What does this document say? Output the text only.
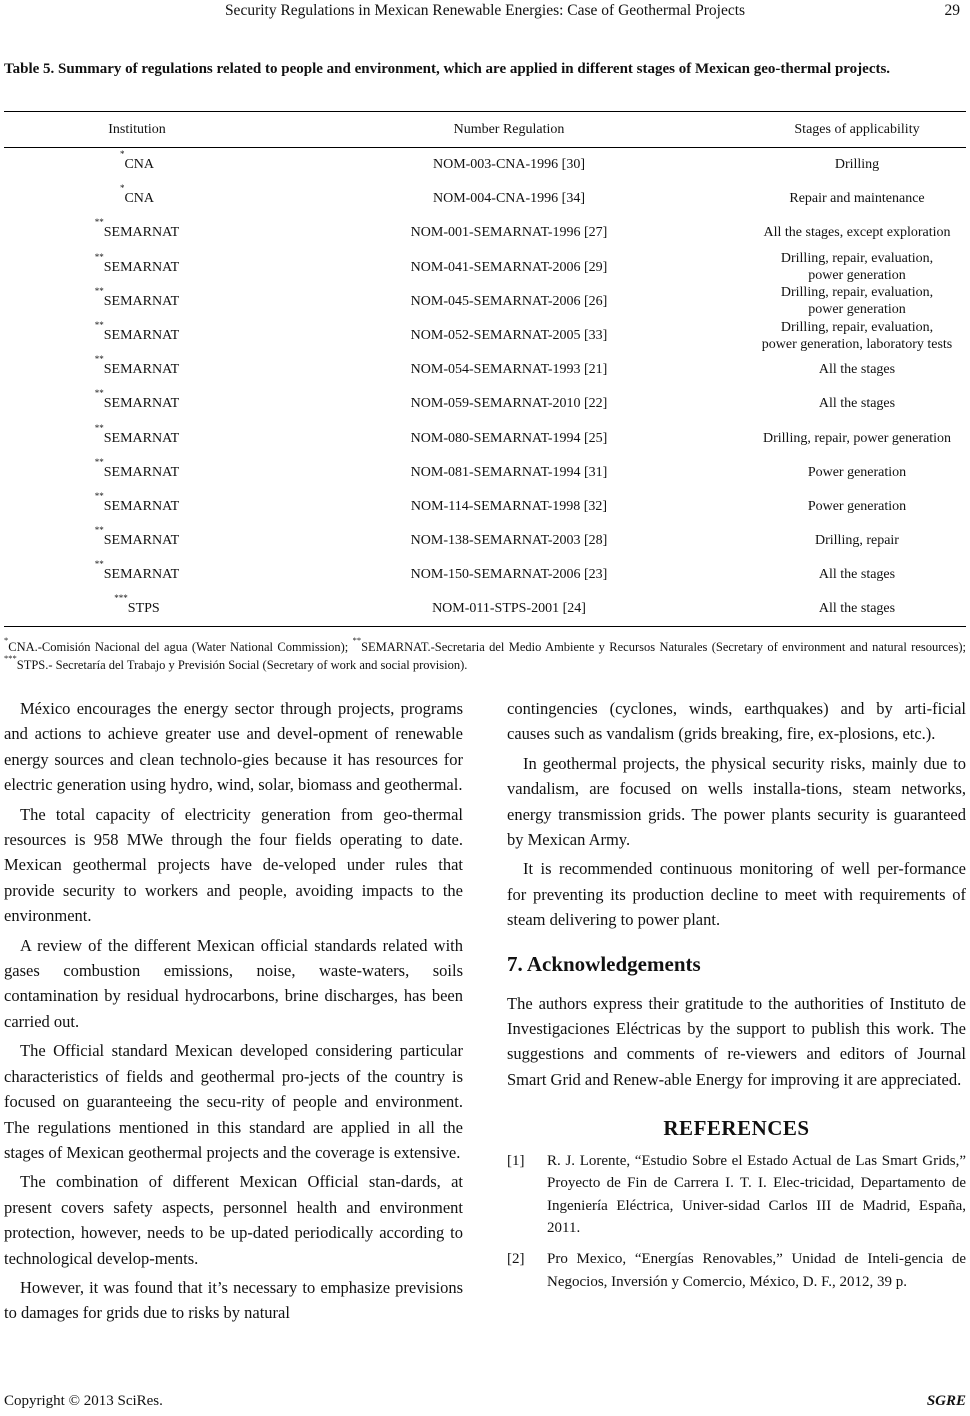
Security Regulations in Mexican Renewable Energies: Case of Geothermal Projects	29
Table 5. Summary of regulations related to people and environment, which are applied in different stages of Mexican geo-thermal projects.
Institution	Number Regulation	Stages of applicability
*CNA	NOM-003-CNA-1996 [30]	Drilling

*CNA	NOM-004-CNA-1996 [34]	Repair and maintenance

**SEMARNAT	NOM-001-SEMARNAT-1996 [27]	All the stages, except exploration

**SEMARNAT	NOM-041-SEMARNAT-2006 [29]	Drilling, repair, evaluation,
power generation

**SEMARNAT	NOM-045-SEMARNAT-2006 [26]	Drilling, repair, evaluation,
power generation

**SEMARNAT	NOM-052-SEMARNAT-2005 [33]	Drilling, repair, evaluation,
power generation, laboratory tests

**SEMARNAT	NOM-054-SEMARNAT-1993 [21]	All the stages

**SEMARNAT	NOM-059-SEMARNAT-2010 [22]	All the stages

**SEMARNAT	NOM-080-SEMARNAT-1994 [25]	Drilling, repair, power generation

**SEMARNAT	NOM-081-SEMARNAT-1994 [31]	Power generation

**SEMARNAT	NOM-114-SEMARNAT-1998 [32]	Power generation

**SEMARNAT	NOM-138-SEMARNAT-2003 [28]	Drilling, repair

**SEMARNAT	NOM-150-SEMARNAT-2006 [23]	All the stages

***STPS	NOM-011-STPS-2001 [24]	All the stages
*CNA.-Comisión Nacional del agua (Water National Commission); **SEMARNAT.-Secretaria del Medio Ambiente y Recursos Naturales (Secretary of environment and natural resources); ***STPS.- Secretaría del Trabajo y Previsión Social (Secretary of work and social provision).

México encourages the energy sector through projects, programs and actions to achieve greater use and devel-opment of renewable energy sources and clean technolo-gies because it has resources for electric generation using hydro, wind, solar, biomass and geothermal.

The total capacity of electricity generation from geo-thermal resources is 958 MWe through the four fields operating to date. Mexican geothermal projects have de-veloped under rules that provide security to workers and people, avoiding impacts to the environment.

A review of the different Mexican official standards related with gases combustion emissions, noise, waste-waters, soils contamination by residual hydrocarbons, brine discharges, has been carried out.

The Official standard Mexican developed considering particular characteristics of fields and geothermal pro-jects of the country is focused on guaranteeing the secu-rity of people and environment. The regulations mentioned in this standard are applied in all the stages of Mexican geothermal projects and the coverage is extensive.

The combination of different Mexican Official stan-dards, at present covers safety aspects, personnel health and environment protection, however, needs to be up-dated periodically according to technological develop-ments.

However, it was found that it’s necessary to emphasize previsions to damages for grids due to risks by natural

contingencies (cyclones, winds, earthquakes) and by arti-ficial causes such as vandalism (grids breaking, fire, ex-plosions, etc.).

In geothermal projects, the physical security risks, mainly due to vandalism, are focused on wells installa-tions, steam networks, energy transmission grids. The power plants security is guaranteed by Mexican Army.

It is recommended continuous monitoring of well per-formance for preventing its production decline to meet with requirements of steam delivering to power plant.

7. Acknowledgements

The authors express their gratitude to the authorities of Instituto de Investigaciones Eléctricas by the support to publish this work. The suggestions and comments of re-viewers and editors of Journal Smart Grid and Renew-able Energy for improving it are appreciated.

REFERENCES
[1]	R. J. Lorente, “Estudio Sobre el Estado Actual de Las Smart Grids,” Proyecto de Fin de Carrera I. T. I. Elec-tricidad, Departamento de Ingeniería Eléctrica, Univer-sidad Carlos III de Madrid, España, 2011.
[2]	Pro Mexico, “Energías Renovables,” Unidad de Inteli-gencia de Negocios, Inversión y Comercio, México, D. F., 2012, 39 p.
Copyright © 2013 SciRes.	SGRE
